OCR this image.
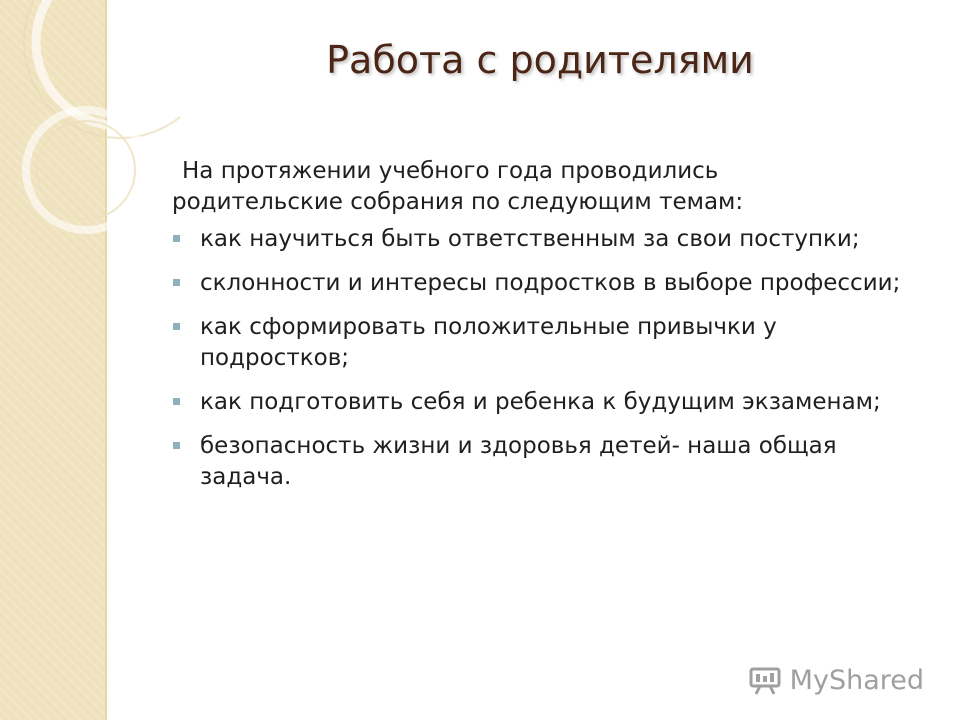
Работа с родителями
На протяжении учебного года проводились
родительские собрания по следующим темам:
как научиться быть ответственным за свои поступки;
склонности и интересы подростков в выборе профессии;
как сформировать положительные привычки у подростков;
как подготовить себя и ребенка к будущим экзаменам;
безопасность жизни и здоровья детей- наша общая задача.
MyShared
